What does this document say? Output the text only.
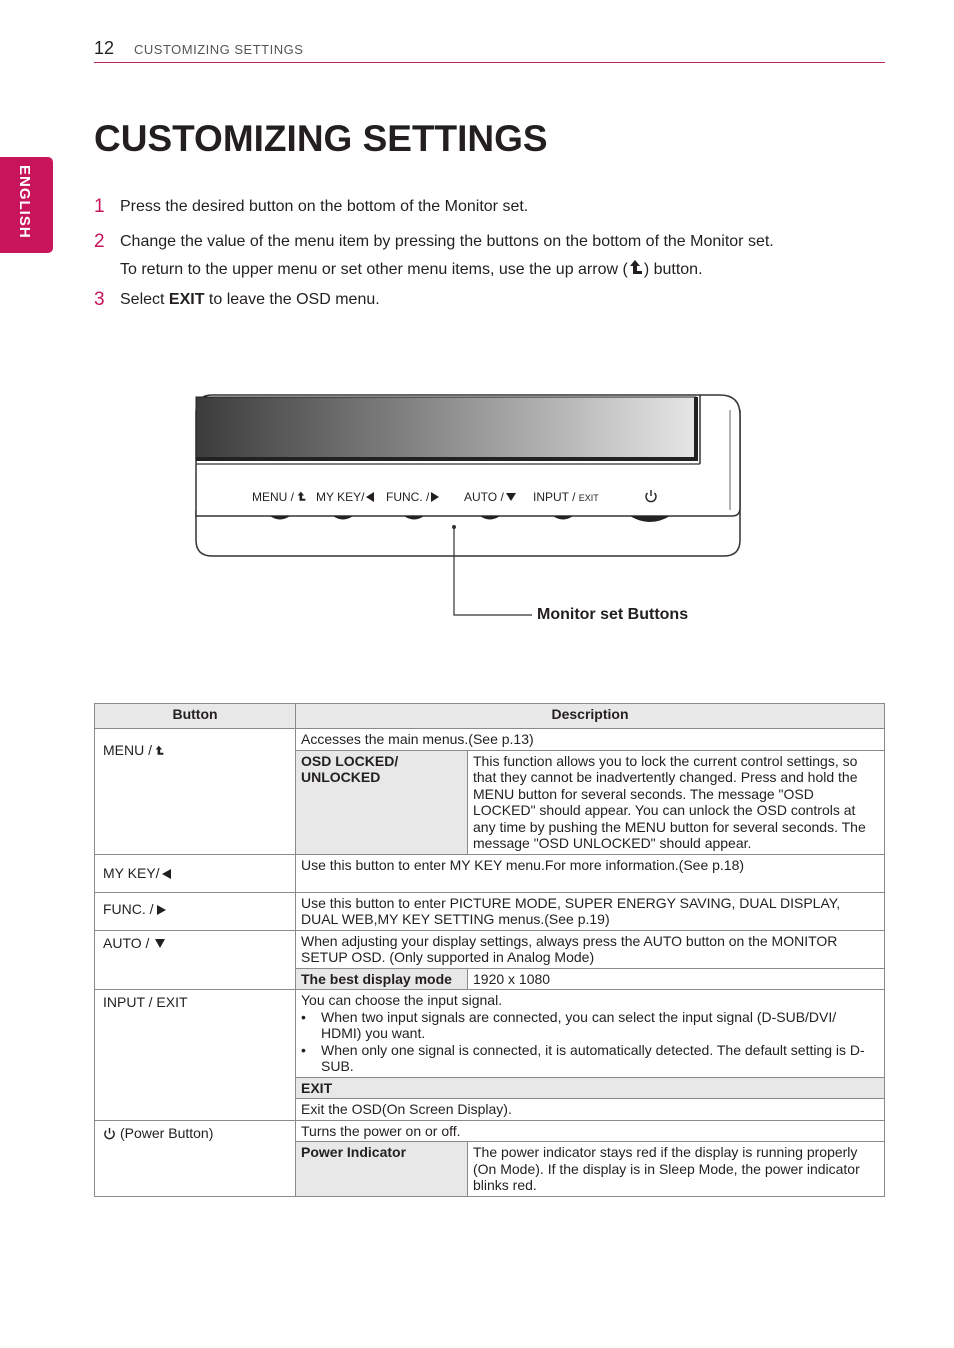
12 CUSTOMIZING SETTINGS
ENGLISH
CUSTOMIZING SETTINGS
1 Press the desired button on the bottom of the Monitor set.
2 Change the value of the menu item by pressing the buttons on the bottom of the Monitor set.
To return to the upper menu or set other menu items, use the up arrow ( ) button.
3 Select EXIT to leave the OSD menu.
MENU /	MY KEY/	FUNC. /	AUTO /	INPUT / EXIT
Monitor set Buttons
Button	Description	
MENU /	Accesses the main menus.(See p.13)	
	OSD LOCKED/ UNLOCKED	This function allows you to lock the current control settings, so that they cannot be inadvertently changed. Press and hold the MENU button for several seconds. The message "OSD LOCKED" should appear. You can unlock the OSD controls at any time by pushing the MENU button for several seconds. The message "OSD UNLOCKED" should appear.
MY KEY/	Use this button to enter MY KEY menu.For more information.(See p.18)	
FUNC. /	Use this button to enter PICTURE MODE, SUPER ENERGY SAVING, DUAL DISPLAY, DUAL WEB,MY KEY SETTING menus.(See p.19)	
AUTO /	When adjusting your display settings, always press the AUTO button on the MONITOR SETUP OSD. (Only supported in Analog Mode)	
	The best display mode	1920 x 1080
INPUT / EXIT	You can choose the input signal.
• When two input signals are connected, you can select the input signal (D-SUB/DVI/ HDMI) you want.
• When only one signal is connected, it is automatically detected. The default setting is D-SUB.	

	EXIT	
	Exit the OSD(On Screen Display).	
(Power Button)	Turns the power on or off.	
	Power Indicator	The power indicator stays red if the display is running properly (On Mode). If the display is in Sleep Mode, the power indicator blinks red.
